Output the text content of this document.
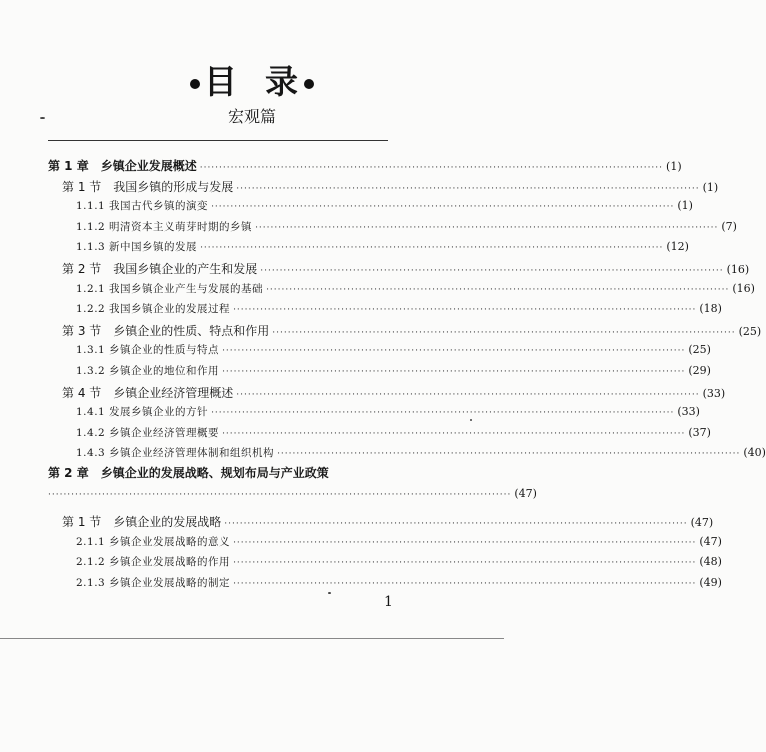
目 录
宏观篇
第 1 章　乡镇企业发展概述 ························································································································ (1)
第 1 节　我国乡镇的形成与发展 ························································································································ (1)
1.1.1 我国古代乡镇的演变 ························································································································ (1)
1.1.2 明清资本主义萌芽时期的乡镇 ························································································································ (7)
1.1.3 新中国乡镇的发展 ························································································································ (12)
第 2 节　我国乡镇企业的产生和发展 ························································································································ (16)
1.2.1 我国乡镇企业产生与发展的基础 ························································································································ (16)
1.2.2 我国乡镇企业的发展过程 ························································································································ (18)
第 3 节　乡镇企业的性质、特点和作用 ························································································································ (25)
1.3.1 乡镇企业的性质与特点 ························································································································ (25)
1.3.2 乡镇企业的地位和作用 ························································································································ (29)
第 4 节　乡镇企业经济管理概述 ························································································································ (33)
1.4.1 发展乡镇企业的方针 ························································································································ (33)
1.4.2 乡镇企业经济管理概要 ························································································································ (37)
1.4.3 乡镇企业经济管理体制和组织机构 ························································································································ (40)
第 2 章　乡镇企业的发展战略、规划布局与产业政策
························································································································ (47)
第 1 节　乡镇企业的发展战略 ························································································································ (47)
2.1.1 乡镇企业发展战略的意义 ························································································································ (47)
2.1.2 乡镇企业发展战略的作用 ························································································································ (48)
2.1.3 乡镇企业发展战略的制定 ························································································································ (49)
1
